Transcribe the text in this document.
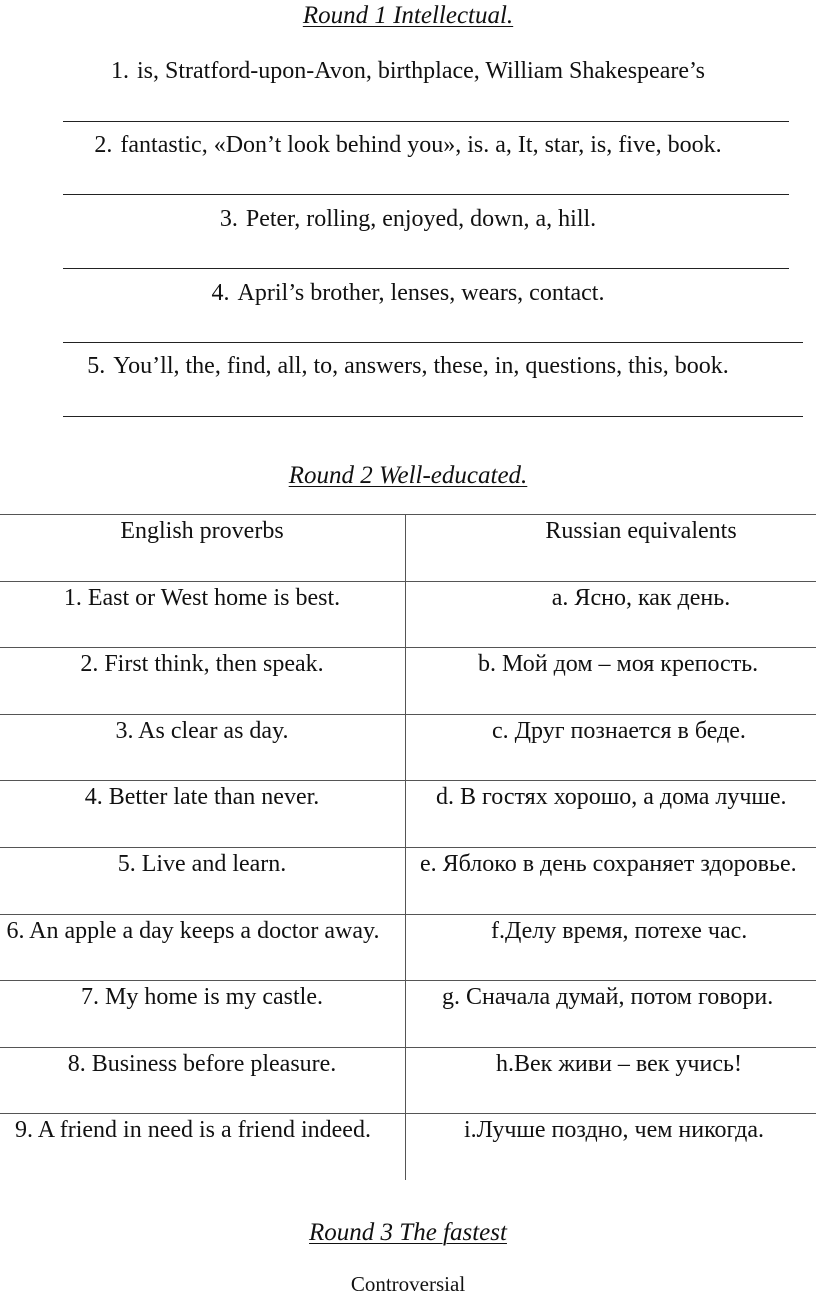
Round 1 Intellectual.
1. is, Stratford-upon-Avon, birthplace, William Shakespeare’s
2. fantastic, «Don’t look behind you», is. a, It, star, is, five, book.
3. Peter, rolling, enjoyed, down, a, hill.
4. April’s brother, lenses, wears, contact.
5. You’ll, the, find, all, to, answers, these, in, questions, this, book.
Round 2 Well-educated.
English proverbs	Russian equivalents

1. East or West home is best.	a. Ясно, как день.

2. First think, then speak.	b. Мой дом – моя крепость.

3. As clear as day.	c. Друг познается в беде.

4. Better late than never.	d. В гостях хорошо, а дома лучше.

5. Live and learn.	e. Яблоко в день сохраняет здоровье.

6. An apple a day keeps a doctor away.	f.Делу время, потехе час.

7. My home is my castle.	g. Сначала думай, потом говори.

8. Business before pleasure.	h.Век живи – век учись!

9. A friend in need is a friend indeed.	i.Лучше поздно, чем никогда.
Round 3 The fastest
Controversial
